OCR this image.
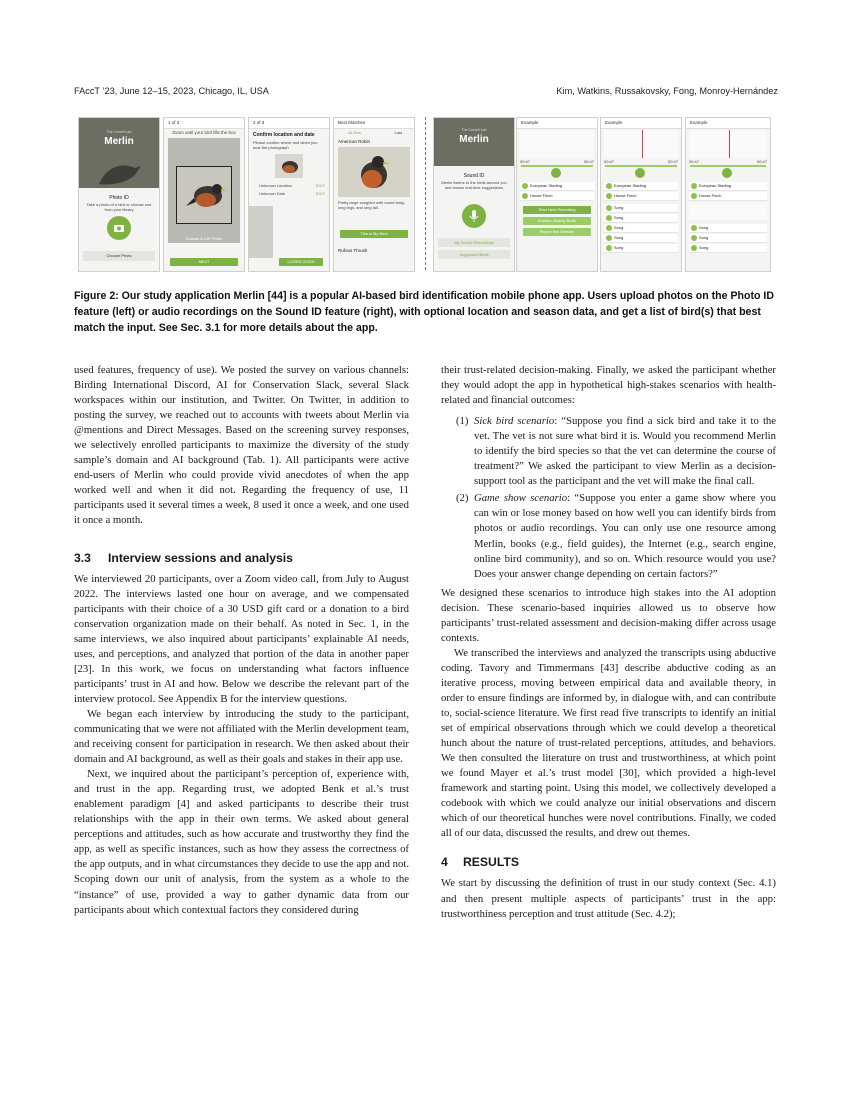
FAccT ’23, June 12–15, 2023, Chicago, IL, USA	Kim, Watkins, Russakovsky, Fong, Monroy-Hernández
The Cornell Lab
Merlin
Photo ID
Take a photo of a bird or choose one from your library
Choose Photo
1 of 3
Zoom until your bird fills the box
Choose A Diff. Photo
NEXT
2 of 3
Confirm location and date
Please confirm where and when you took the photograph
Unknown Location	EDIT
Unknown Date	EDIT
LOOKS GOOD
Best Matches
All Sea	Last
American Robin
Pretty large songbird with round body, long legs, and long tail.
This is My Bird!
Rufous Thrush
The Cornell Lab
Merlin
Sound ID
Merlin listens to the birds around you and shows real-time suggestions
My Sound Recordings
Suggested Birds
Example
00:47	00:47
European Starling
House Finch
Start New Recording
Explore Nearby Birds
Report this Session
Example
00:47	00:47
European Starling
House Finch
Song
Song
Song
Song
Song
Example
00:47	00:47
European Starling
House Finch
Song
Song
Song
Figure 2: Our study application Merlin [44] is a popular AI-based bird identification mobile phone app. Users upload photos on the Photo ID feature (left) or audio recordings on the Sound ID feature (right), with optional location and season data, and get a list of bird(s) that best match the input. See Sec. 3.1 for more details about the app.

used features, frequency of use). We posted the survey on various channels: Birding International Discord, AI for Conservation Slack, several Slack workspaces within our institution, and Twitter. On Twitter, in addition to posting the survey, we reached out to accounts with tweets about Merlin via @mentions and Direct Messages. Based on the screening survey responses, we selectively enrolled participants to maximize the diversity of the study sample’s domain and AI background (Tab. 1). All participants were active end-users of Merlin who could provide vivid anecdotes of when the app worked well and when it did not. Regarding the frequency of use, 11 participants used it several times a week, 8 used it once a week, and one used it once a month.

3.3 Interview sessions and analysis

We interviewed 20 participants, over a Zoom video call, from July to August 2022. The interviews lasted one hour on average, and we compensated participants with their choice of a 30 USD gift card or a donation to a bird conservation organization made on their behalf. As noted in Sec. 1, in the same interviews, we also inquired about participants’ explainable AI needs, uses, and perceptions, and analyzed that portion of the data in another paper [23]. In this work, we focus on understanding what factors influence participants’ trust in AI and how. Below we describe the relevant part of the interview protocol. See Appendix B for the interview questions.

We began each interview by introducing the study to the participant, communicating that we were not affiliated with the Merlin development team, and receiving consent for participation in research. We then asked about their domain and AI background, as well as their goals and stakes in their app use.

Next, we inquired about the participant’s perception of, experience with, and trust in the app. Regarding trust, we adopted Benk et al.’s trust enablement paradigm [4] and asked participants to describe their trust relationships with the app in their own terms. We asked about general perceptions and attitudes, such as how accurate and trustworthy they find the app, as well as specific instances, such as how they assess the correctness of the app outputs, and in what circumstances they decide to use the app and not. Scoping down our unit of analysis, from the system as a whole to the “instance” of use, provided a way to gather dynamic data from our participants about which contextual factors they considered during

their trust-related decision-making. Finally, we asked the participant whether they would adopt the app in hypothetical high-stakes scenarios with health-related and financial outcomes:

(1) Sick bird scenario: “Suppose you find a sick bird and take it to the vet. The vet is not sure what bird it is. Would you recommend Merlin to identify the bird species so that the vet can determine the course of treatment?” We asked the participant to view Merlin as a decision-support tool as the participant and the vet will make the final call.
(2) Game show scenario: “Suppose you enter a game show where you can win or lose money based on how well you can identify birds from photos or audio recordings. You can only use one resource among Merlin, books (e.g., field guides), the Internet (e.g., search engine, online bird community), and so on. Which resource would you use? Does your answer change depending on certain factors?”

We designed these scenarios to introduce high stakes into the AI adoption decision. These scenario-based inquiries allowed us to observe how participants’ trust-related assessment and decision-making differ across usage contexts.

We transcribed the interviews and analyzed the transcripts using abductive coding. Tavory and Timmermans [43] describe abductive coding as an iterative process, moving between empirical data and available theory, in order to ensure findings are informed by, in dialogue with, and can contribute to, social-science literature. We first read five transcripts to identify an initial set of empirical observations through which we could develop a theoretical hunch about the nature of trust-related perceptions, attitudes, and behaviors. We then consulted the literature on trust and trustworthiness, at which point we found Mayer et al.’s trust model [30], which provided a high-level framework and starting point. Using this model, we collectively developed a codebook with which we could analyze our initial observations and discern which of our theoretical hunches were novel contributions. Finally, we coded all of our data, discussed the results, and drew out themes.

4 RESULTS

We start by discussing the definition of trust in our study context (Sec. 4.1) and then present multiple aspects of participants’ trust in the app: trustworthiness perception and trust attitude (Sec. 4.2);
